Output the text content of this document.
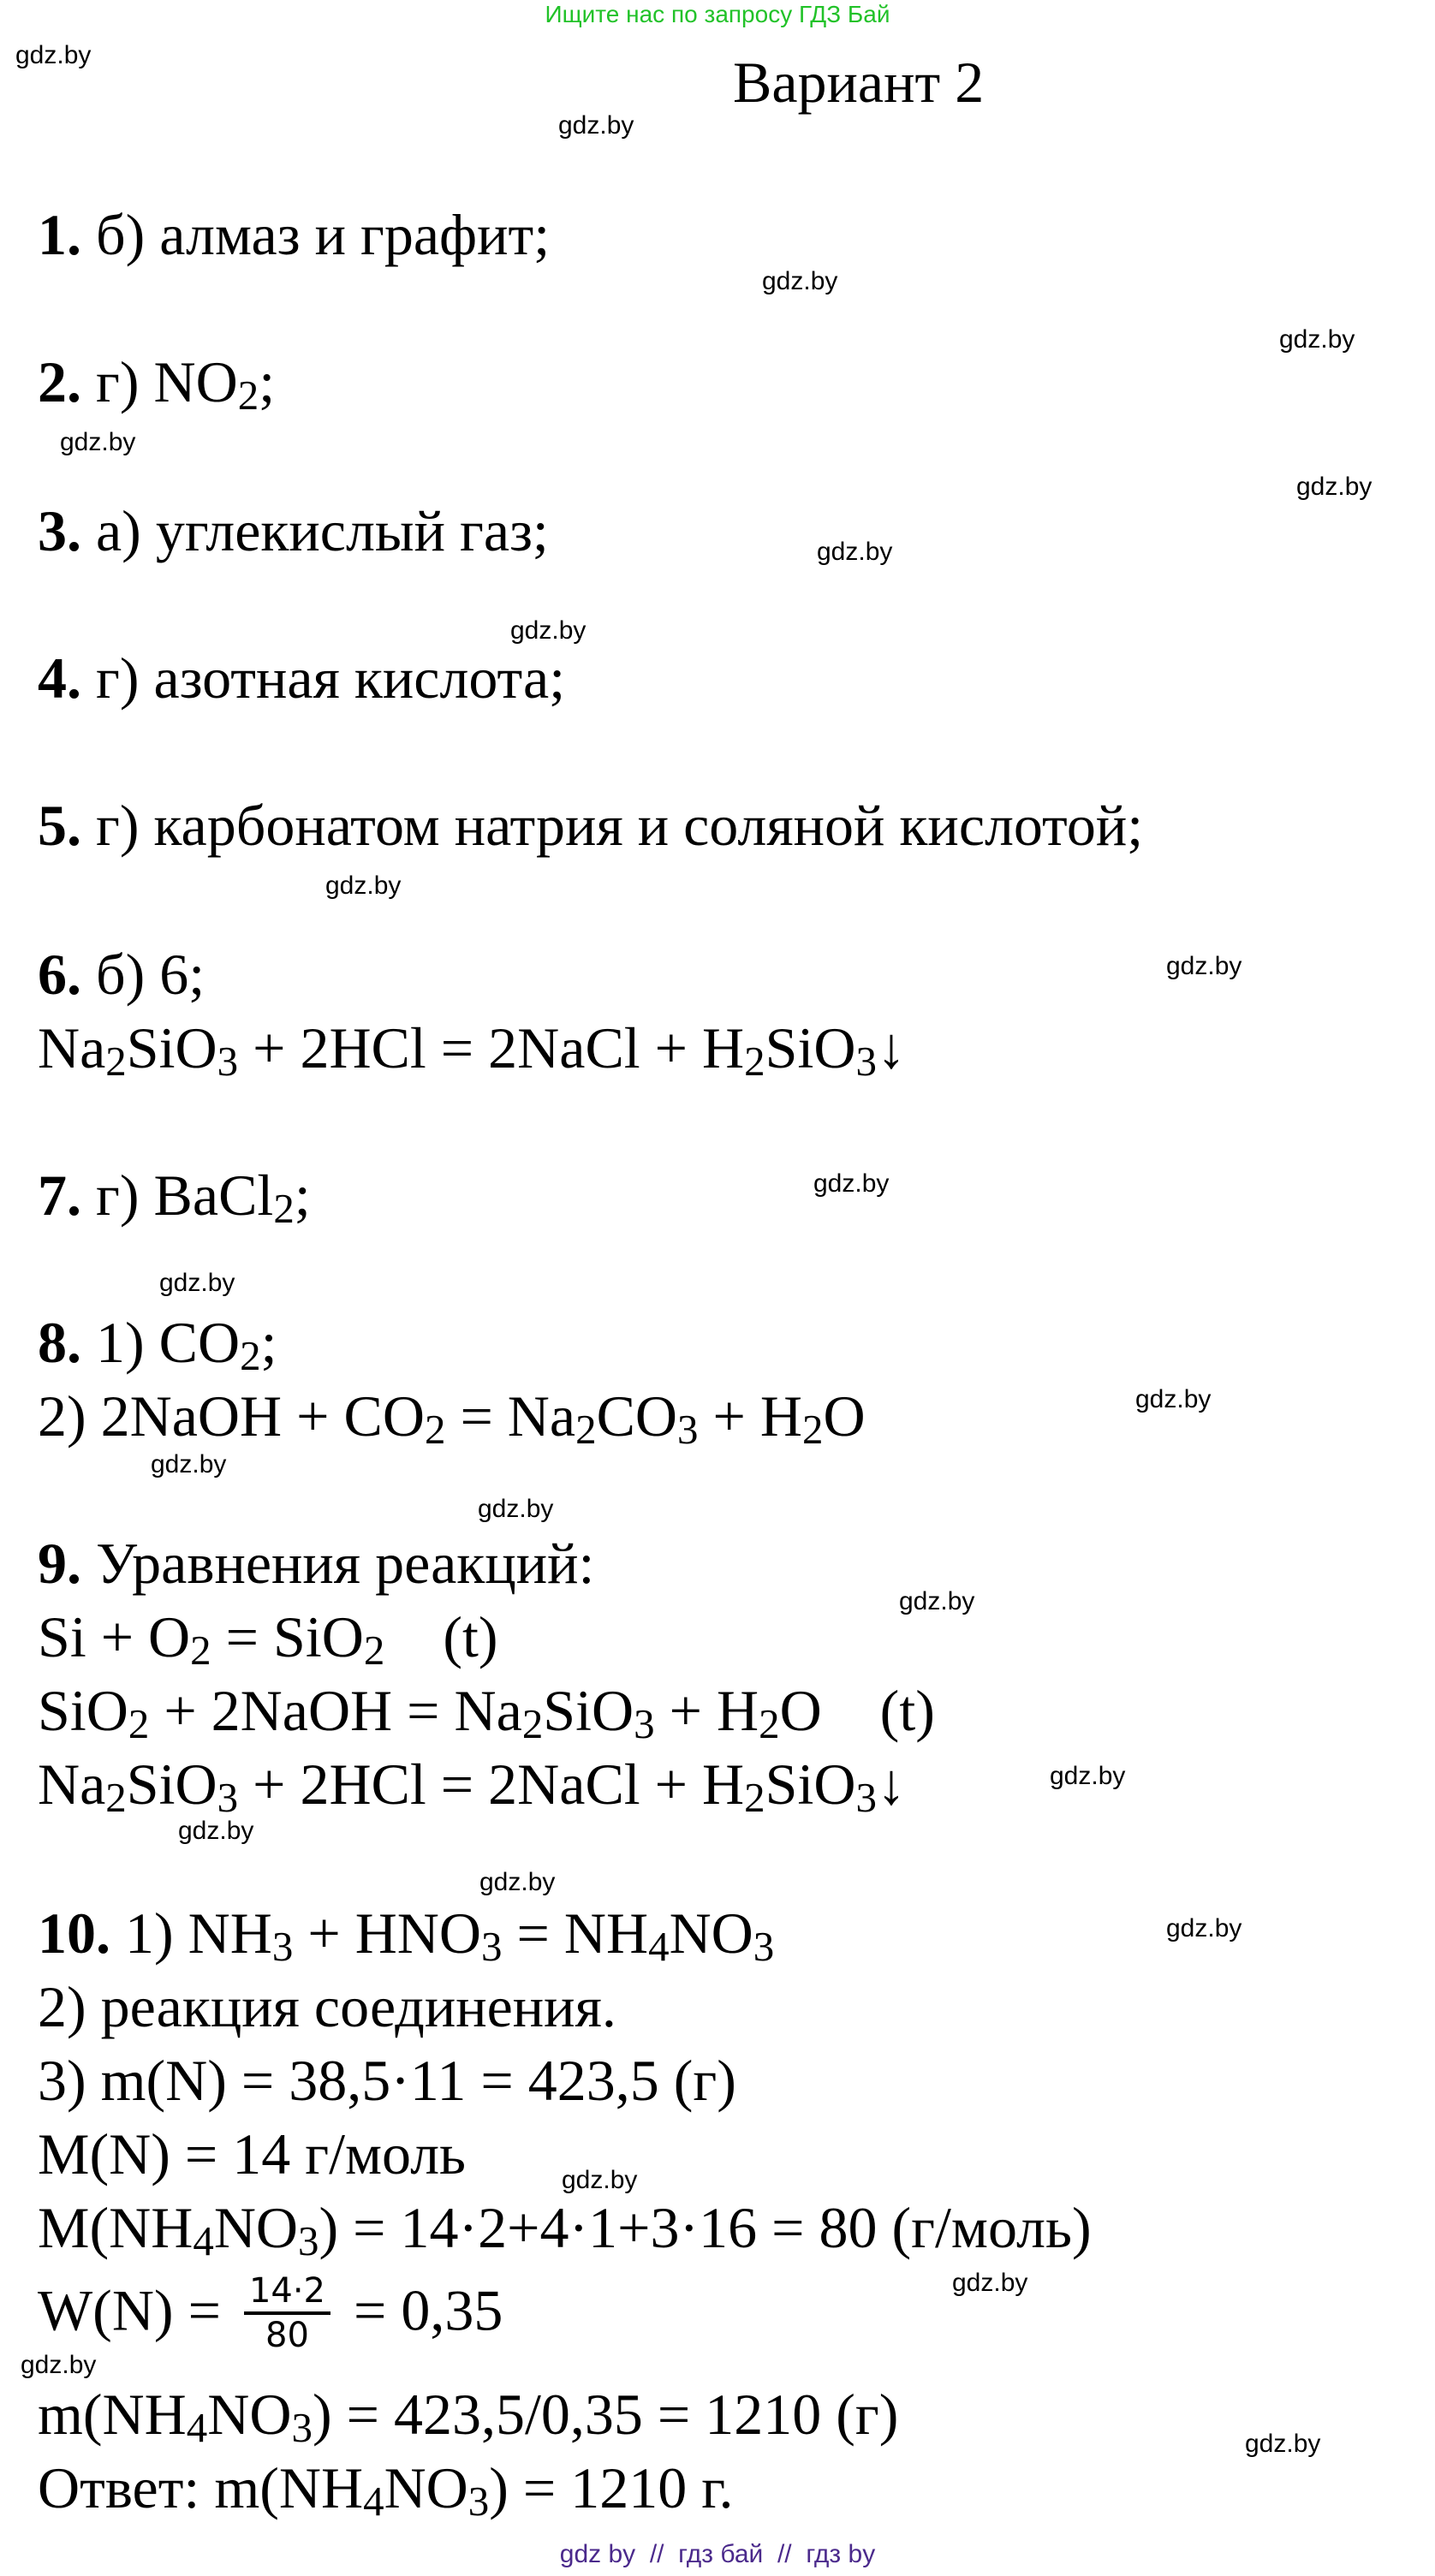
Ищите нас по запросу ГДЗ Бай
Вариант 2
gdz.by
gdz.by
gdz.by
gdz.by
gdz.by
gdz.by
gdz.by
gdz.by
gdz.by
gdz.by
gdz.by
gdz.by
gdz.by
gdz.by
gdz.by
gdz.by
gdz.by
gdz.by
gdz.by
gdz.by
gdz.by
gdz.by
gdz.by
gdz.by
1. б) алмаз и графит;
2. г) $NO_2$;
3. а) углекислый газ;
4. г) азотная кислота;
5. г) карбонатом натрия и соляной кислотой;
6. б) 6;
$Na_2SiO_3 + 2HCl$ = 2NaCl + $H_2SiO_3↓$
7. г) BaCl$_2$;
8. 1) $CO_2$;
2) 2NaOH + $CO_2 = Na_2CO_3 + H_2O$
9. Уравнения реакций:
$Si + O_2 = SiO_2$    (t)
SiO$_2$ + 2NaOH = $Na_2SiO_3 + H_2O$    (t)
$Na_2SiO_3 + 2HCl$ = 2NaCl + $H_2SiO_3↓$
10. 1) $NH_3 + HNO_3 = NH_4NO_3$
2) реакция соединения.
3) m(N) = 38,5·11 = 423,5 (г)
M(N) = 14 г/моль
$M(NH_4NO_3) = 14\cdot 2+4\cdot 1+3\cdot 16 = 80$ (г/моль)
$W(N) = \frac{14\cdot 2}{80} = 0,35$
$m(NH_4NO_3) = 423,5/0,35 = 1210$ (г)
Ответ: $m(NH_4NO_3) = 1210$ г.
gdz by  //  гдз бай  //  гдз by
